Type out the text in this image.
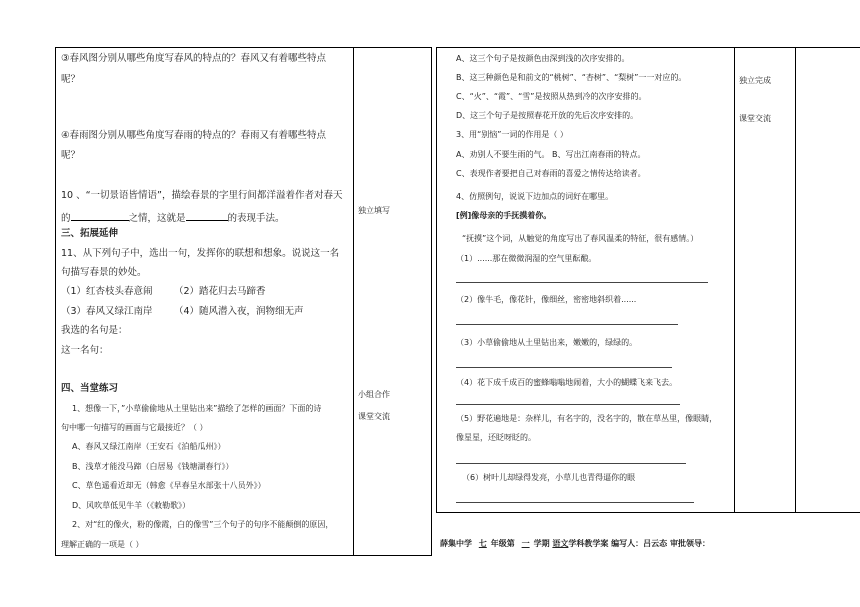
③春风图分别从哪些角度写春风的特点的？春风又有着哪些特点
呢？
④春雨图分别从哪些角度写春雨的特点的？春雨又有着哪些特点
呢？
10 、“一切景语皆情语”，描绘春景的字里行间都洋溢着作者对春天
的	之情，这就是	的表现手法。
三、拓展延伸
11、从下列句子中，选出一句，发挥你的联想和想象。说说这一名
句描写春景的妙处。
（1）红杏枝头春意闹 （2）踏花归去马蹄香
（3）春风又绿江南岸 （4）随风潜入夜，润物细无声
我选的名句是：
这一名句：
四、当堂练习
1、想像一下，”小草偷偷地从土里钻出来”描绘了怎样的画面？下面的诗
句中哪一句描写的画面与它最接近？（ ）
A、春风又绿江南岸（王安石《泊船瓜州》）
B、浅草才能没马蹄（白居易《钱塘湖春行》）
C、草色遥看近却无（韩愈《早春呈水部张十八员外》）
D、风吹草低见牛羊（《敕勒歌》）
2、对“红的像火，粉的像霞，白的像雪”三个句子的句序不能颠倒的原因，
理解正确的一项是（ ）
独立填写
小组合作
课堂交流
A、这三个句子是按颜色由深到浅的次序安排的。
B、这三种颜色是和前文的“桃树”、“杏树”、“梨树”一一对应的。
C、“火”、“霞”、“雪”是按照从热到冷的次序安排的。
D、这三个句子是按照春花开放的先后次序安排的。
3、用“别恼”一词的作用是（ ）
A、劝别人不要生雨的气。 B、写出江南春雨的特点。
C、表现作者要把自己对春雨的喜爱之情传达给读者。
4、仿照例句，说说下边加点的词好在哪里。
[例]像母亲的手抚摸着你。
“抚摸”这个词，从触觉的角度写出了春风温柔的特征，很有感情。）
（1）......那在微微润湿的空气里酝酿。
（2）像牛毛，像花针，像细丝，密密地斜织着......
（3）小草偷偷地从土里钻出来，嫩嫩的，绿绿的。
（4）花下成千成百的蜜蜂嗡嗡地闹着，大小的蝴蝶飞来飞去。
（5）野花遍地是：杂样儿，有名字的，没名字的，散在草丛里，像眼睛，
像星星，还眨呀眨的。
（6）树叶儿却绿得发亮，小草儿也青得逼你的眼
独立完成
课堂交流
薛集中学 七 年级第 一 学期 语文学科教学案 编写人：吕云态 审批领导：
